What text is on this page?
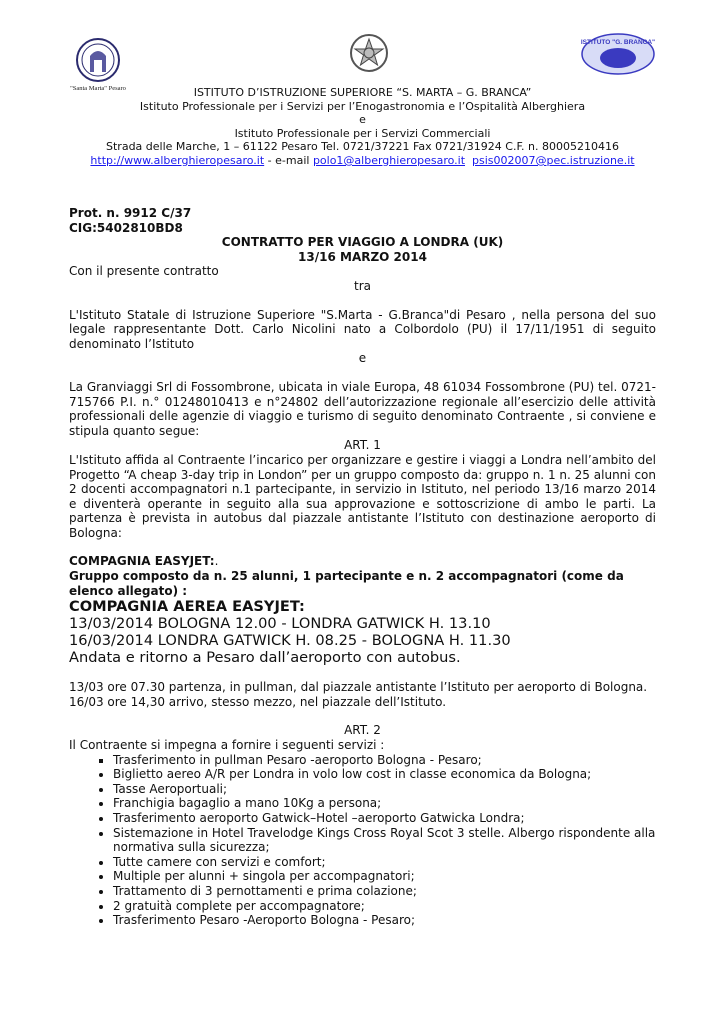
"Santa Marta" Pesaro
ISTITUTO "G. BRANCA"
ISTITUTO D’ISTRUZIONE SUPERIORE “S. MARTA – G. BRANCA”
Istituto Professionale per i Servizi per l’Enogastronomia e l’Ospitalità Alberghiera
e
Istituto Professionale per i Servizi Commerciali
Strada delle Marche, 1 – 61122 Pesaro Tel. 0721/37221 Fax 0721/31924 C.F. n. 80005210416
http://www.alberghieropesaro.it - e-mail polo1@alberghieropesaro.it psis002007@pec.istruzione.it
Prot. n. 9912 C/37
CIG:5402810BD8
CONTRATTO PER VIAGGIO A LONDRA (UK)
13/16 MARZO 2014
Con il presente contratto
tra
L'Istituto Statale di Istruzione Superiore "S.Marta - G.Branca"di Pesaro , nella persona del suo legale rappresentante Dott. Carlo Nicolini nato a Colbordolo (PU) il 17/11/1951 di seguito denominato l’Istituto
e
La Granviaggi Srl di Fossombrone, ubicata in viale Europa, 48 61034 Fossombrone (PU) tel. 0721-715766 P.I. n.° 01248010413 e n°24802 dell’autorizzazione regionale all’esercizio delle attività professionali delle agenzie di viaggio e turismo di seguito denominato Contraente , si conviene e stipula quanto segue:
ART. 1
L'Istituto affida al Contraente l’incarico per organizzare e gestire i viaggi a Londra nell’ambito del Progetto “A cheap 3-day trip in London” per un gruppo composto da: gruppo n. 1 n. 25 alunni con 2 docenti accompagnatori n.1 partecipante, in servizio in Istituto, nel periodo 13/16 marzo 2014 e diventerà operante in seguito alla sua approvazione e sottoscrizione di ambo le parti. La partenza è prevista in autobus dal piazzale antistante l’Istituto con destinazione aeroporto di Bologna:
COMPAGNIA EASYJET:.
Gruppo composto da n. 25 alunni, 1 partecipante e n. 2 accompagnatori (come da elenco allegato) :
COMPAGNIA AEREA EASYJET:
13/03/2014 BOLOGNA 12.00 - LONDRA GATWICK H. 13.10
16/03/2014 LONDRA GATWICK H. 08.25 - BOLOGNA H. 11.30
Andata e ritorno a Pesaro dall’aeroporto con autobus.
13/03 ore 07.30 partenza, in pullman, dal piazzale antistante l’Istituto per aeroporto di Bologna.
16/03 ore 14,30 arrivo, stesso mezzo, nel piazzale dell’Istituto.
ART. 2
Il Contraente si impegna a fornire i seguenti servizi :
▪ Trasferimento in pullman Pesaro -aeroporto Bologna - Pesaro;
• Biglietto aereo A/R per Londra in volo low cost in classe economica da Bologna;
• Tasse Aeroportuali;
• Franchigia bagaglio a mano 10Kg a persona;
• Trasferimento aeroporto Gatwick–Hotel –aeroporto Gatwicka Londra;
• Sistemazione in Hotel Travelodge Kings Cross Royal Scot 3 stelle. Albergo rispondente alla normativa sulla sicurezza;
• Tutte camere con servizi e comfort;
• Multiple per alunni + singola per accompagnatori;
• Trattamento di 3 pernottamenti e prima colazione;
• 2 gratuità complete per accompagnatore;
• Trasferimento Pesaro -Aeroporto Bologna - Pesaro;
